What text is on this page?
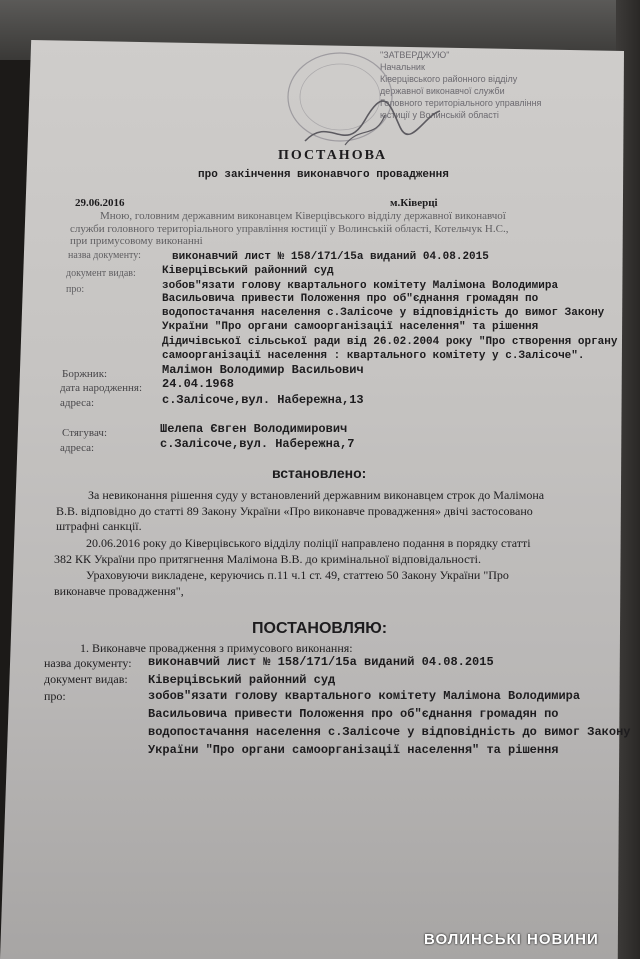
"ЗАТВЕРДЖУЮ"
Начальник
Ківерцівського районного відділу
державної виконавчої служби
Головного територіального управління
юстиції у Волинській області
ПОСТАНОВА
про закінчення виконавчого провадження
29.06.2016	м.Ківерці
Мною, головним державним виконавцем Ківерцівського відділу державної виконавчої
служби головного територіального управління юстиції у Волинській області, Котельчук Н.С.,
при примусовому виконанні
назва документу:	виконавчий лист № 158/171/15а виданий 04.08.2015
документ видав: Ківерцівський районний суд
про:	зобов"язати голову квартального комітету Малімона Володимира
Васильовича привести Положення про об"єднання громадян по
водопостачання населення с.Залісоче у відповідність до вимог Закону
України "Про органи самоорганізації населення" та рішення
Дідичівської сільської ради від 26.02.2004 року "Про створення органу
самоорганізації населення : квартального комітету у с.Залісоче".
Боржник:	Малімон Володимир Васильович
дата народження: 24.04.1968
адреса:	с.Залісоче,вул. Набережна,13
Стягувач:	Шелепа Євген Володимирович
адреса:	с.Залісоче,вул. Набережна,7
встановлено:
За невиконання рішення суду у встановлений державним виконавцем строк до Малімона
В.В. відповідно до статті 89 Закону України «Про виконавче провадження» двічі застосовано
штрафні санкції.
20.06.2016 року до Ківерцівського відділу поліції направлено подання в порядку статті
382 КК України про притягнення Малімона В.В. до кримінальної відповідальності.
Ураховуючи викладене, керуючись п.11 ч.1 ст. 49, статтею 50 Закону України "Про
виконавче провадження",
ПОСТАНОВЛЯЮ:
1. Виконавче провадження з примусового виконання:
назва документу: виконавчий лист № 158/171/15а виданий 04.08.2015
документ видав: Ківерцівський районний суд
про:	зобов"язати голову квартального комітету Малімона Володимира
Васильовича привести Положення про об"єднання громадян по
водопостачання населення с.Залісоче у відповідність до вимог Закону
України "Про органи самоорганізації населення" та рішення
ВОЛИНСЬКІ НОВИНИ
